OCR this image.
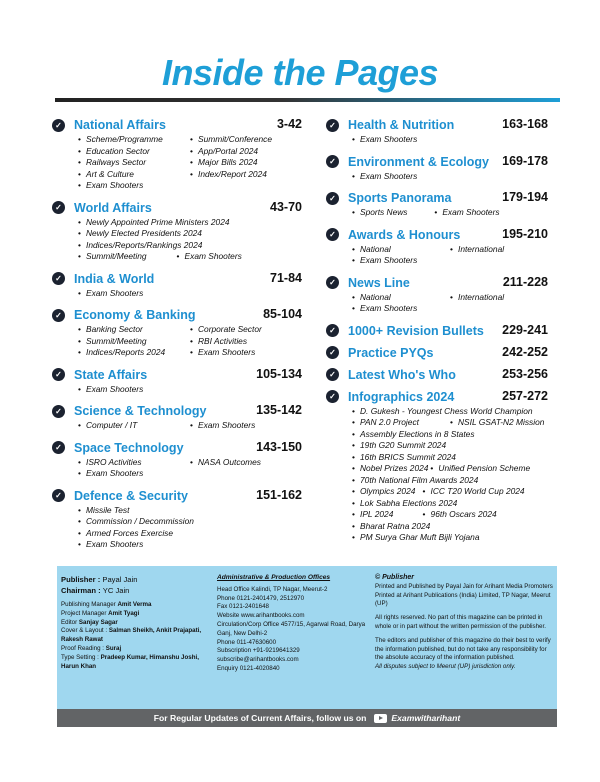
Inside the Pages
✓ National Affairs	3-42
• Scheme/Programme	• Summit/Conference
• Education Sector	• App/Portal 2024
• Railways Sector	• Major Bills 2024
• Art & Culture	• Index/Report 2024
• Exam Shooters
✓ World Affairs	43-70
• Newly Appointed Prime Ministers 2024
• Newly Elected Presidents 2024
• Indices/Reports/Rankings 2024
• Summit/Meeting	• Exam Shooters
✓ India & World	71-84
• Exam Shooters
✓ Economy & Banking	85-104
• Banking Sector	• Corporate Sector
• Summit/Meeting	• RBI Activities
• Indices/Reports 2024	• Exam Shooters
✓ State Affairs	105-134
• Exam Shooters
✓ Science & Technology	135-142
• Computer / IT	• Exam Shooters
✓ Space Technology	143-150
• ISRO Activities	• NASA Outcomes
• Exam Shooters
✓ Defence & Security	151-162
• Missile Test
• Commission / Decommission
• Armed Forces Exercise
• Exam Shooters
✓ Health & Nutrition	163-168
• Exam Shooters
✓ Environment & Ecology 169-178
• Exam Shooters
✓ Sports Panorama	179-194
• Sports News	• Exam Shooters
✓ Awards & Honours	195-210
• National	• International
• Exam Shooters
✓ News Line	211-228
• National	• International
• Exam Shooters
✓ 1000+ Revision Bullets 229-241
✓ Practice PYQs	242-252
✓ Latest Who's Who	253-256
✓ Infographics 2024	257-272
• D. Gukesh - Youngest Chess World Champion
• PAN 2.0 Project	• NSIL GSAT-N2 Mission
• Assembly Elections in 8 States
• 19th G20 Summit 2024
• 16th BRICS Summit 2024
• Nobel Prizes 2024	• Unified Pension Scheme
• 70th National Film Awards 2024
• Olympics 2024	• ICC T20 World Cup 2024
• Lok Sabha Elections 2024
• IPL 2024	• 96th Oscars 2024
• Bharat Ratna 2024
• PM Surya Ghar Muft Bijli Yojana
Publisher : Payal Jain
Chairman : YC Jain
Publishing Manager Amit Verma
Project Manager Amit Tyagi
Editor Sanjay Sagar
Cover & Layout : Salman Sheikh, Ankit Prajapati, Rakesh Rawat
Proof Reading : Suraj
Type Setting : Pradeep Kumar, Himanshu Joshi, Harun Khan
Administrative & Production Offices
Head Office Kalindi, TP Nagar, Meerut-2
Phone 0121-2401479, 2512970
Fax 0121-2401648
Website www.arihantbooks.com
Circulation/Corp Office 4577/15, Agarwal Road, Darya Ganj, New Delhi-2
Phone 011-47630600
Subscription +91-9219641329
subscribe@arihantbooks.com
Enquiry 0121-4020840
© Publisher
Printed and Published by Payal Jain for Arihant Media Promoters
Printed at Arihant Publications (India) Limited, TP Nagar, Meerut (UP)
All rights reserved. No part of this magazine can be printed in whole or in part without the written permission of the publisher.
The editors and publisher of this magazine do their best to verify the information published, but do not take any responsibility for the absolute accuracy of the information published.
All disputes subject to Meerut (UP) jurisdiction only.
For Regular Updates of Current Affairs, follow us on	Examwitharihant
